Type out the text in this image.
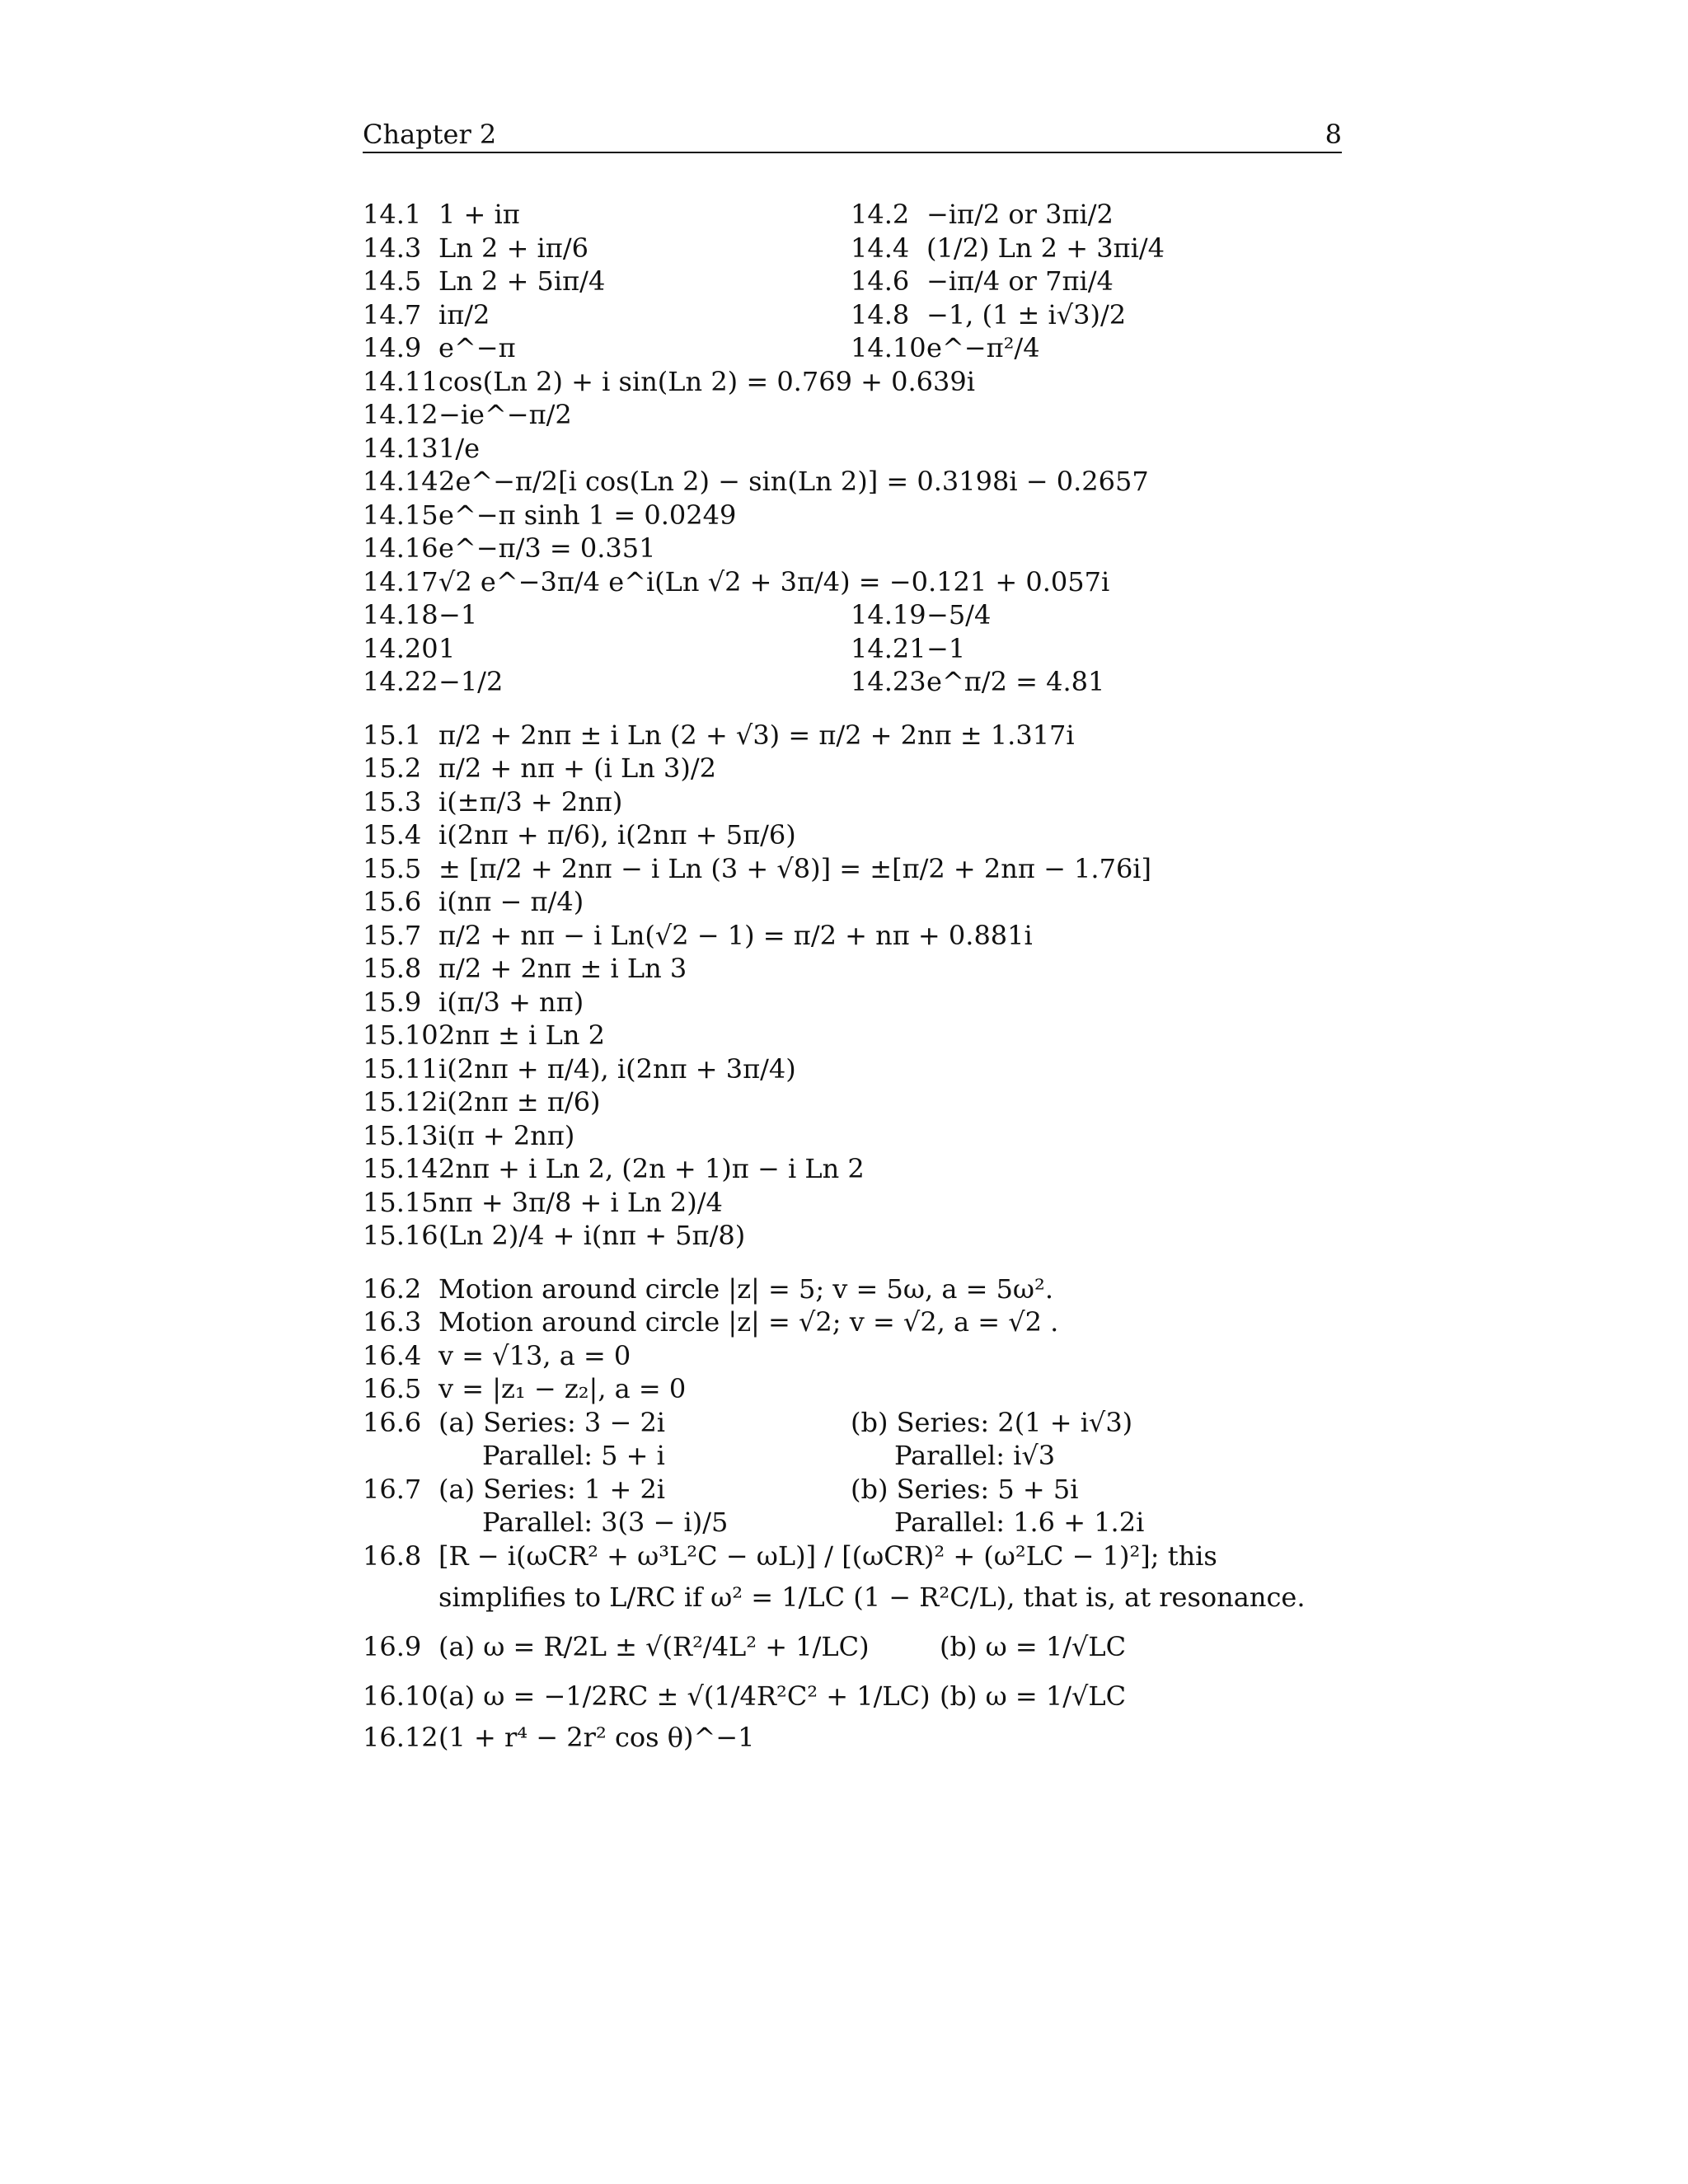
Chapter 2	8
14.1 1 + iπ	14.2 −iπ/2 or 3πi/2
14.3 Ln 2 + iπ/6	14.4 (1/2) Ln 2 + 3πi/4
14.5 Ln 2 + 5iπ/4	14.6 −iπ/4 or 7πi/4
14.7 iπ/2	14.8 −1, (1 ± i√3)/2
14.9 e^−π	14.10 e^−π²/4
14.11 cos(Ln 2) + i sin(Ln 2) = 0.769 + 0.639i
14.12 −ie^−π/2
14.13 1/e
14.14 2e^−π/2[i cos(Ln 2) − sin(Ln 2)] = 0.3198i − 0.2657
14.15 e^−π sinh 1 = 0.0249
14.16 e^−π/3 = 0.351
14.17 √2 e^−3π/4 e^i(Ln √2 + 3π/4) = −0.121 + 0.057i
14.18 −1	14.19 −5/4
14.20 1	14.21 −1
14.22 −1/2	14.23 e^π/2 = 4.81
15.1 π/2 + 2nπ ± i Ln (2 + √3) = π/2 + 2nπ ± 1.317i
15.2 π/2 + nπ + (i Ln 3)/2
15.3 i(±π/3 + 2nπ)
15.4 i(2nπ + π/6), i(2nπ + 5π/6)
15.5 ± [π/2 + 2nπ − i Ln (3 + √8)] = ±[π/2 + 2nπ − 1.76i]
15.6 i(nπ − π/4)
15.7 π/2 + nπ − i Ln(√2 − 1) = π/2 + nπ + 0.881i
15.8 π/2 + 2nπ ± i Ln 3
15.9 i(π/3 + nπ)
15.10 2nπ ± i Ln 2
15.11 i(2nπ + π/4), i(2nπ + 3π/4)
15.12 i(2nπ ± π/6)
15.13 i(π + 2nπ)
15.14 2nπ + i Ln 2, (2n + 1)π − i Ln 2
15.15 nπ + 3π/8 + i Ln 2)/4
15.16 (Ln 2)/4 + i(nπ + 5π/8)
16.2 Motion around circle |z| = 5; v = 5ω, a = 5ω².
16.3 Motion around circle |z| = √2; v = √2, a = √2 .
16.4 v = √13, a = 0
16.5 v = |z₁ − z₂|, a = 0
16.6 (a) Series: 3 − 2i	(b) Series: 2(1 + i√3)
Parallel: 5 + i	Parallel: i√3
16.7 (a) Series: 1 + 2i	(b) Series: 5 + 5i
Parallel: 3(3 − i)/5	Parallel: 1.6 + 1.2i
16.8 [R − i(ωCR² + ω³L²C − ωL)] / [(ωCR)² + (ω²LC − 1)²]; this
simplifies to L/RC if ω² = 1/LC (1 − R²C/L), that is, at resonance.
16.9 (a) ω = R/2L ± √(R²/4L² + 1/LC)	(b) ω = 1/√LC
16.10 (a) ω = −1/2RC ± √(1/4R²C² + 1/LC) (b) ω = 1/√LC
16.12 (1 + r⁴ − 2r² cos θ)^−1
